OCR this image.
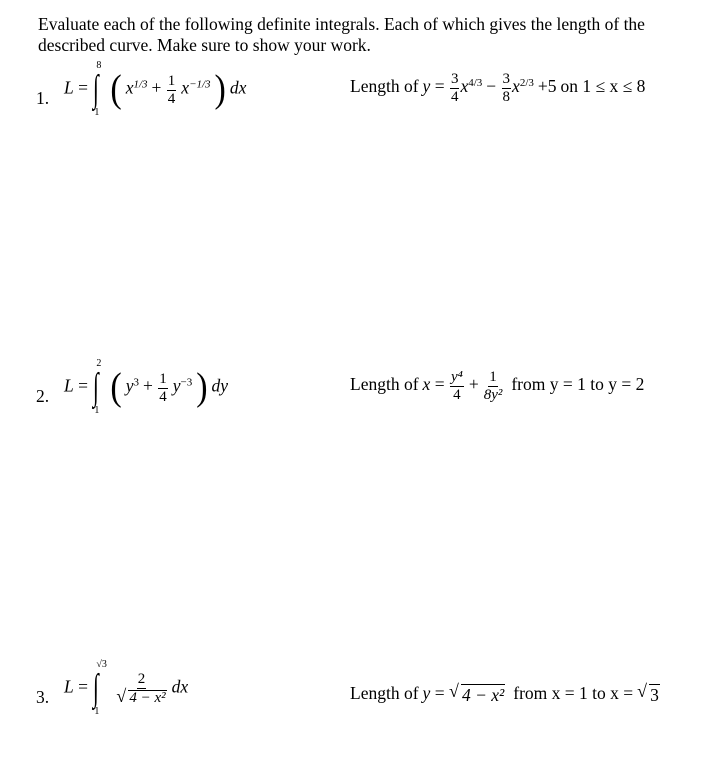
Evaluate each of the following definite integrals. Each of which gives the length of the described curve. Make sure to show your work.
1.
L = ∫
8
1
( $x^{1/3} + \frac{1}{4} x^{-1/3}$ ) dx	Length of $y = \frac{3}{4} x^{4/3} - \frac{3}{8} x^{2/3} +5$ on 1 ≤ x ≤ 8
2.
L = ∫
2
1
( $y^3 + \frac{1}{4} y^{-3}$ ) dy	Length of $x = \frac{\text{y⁴}}{4} + \frac{1}{\text{8y²}}$ from y = 1 to y = 2
3.
L = ∫
√3
1

$\frac{2}{\text{√ 4 − x²}}$ dx	Length of y = √ 4 − x² from x = 1 to x = √ 3
